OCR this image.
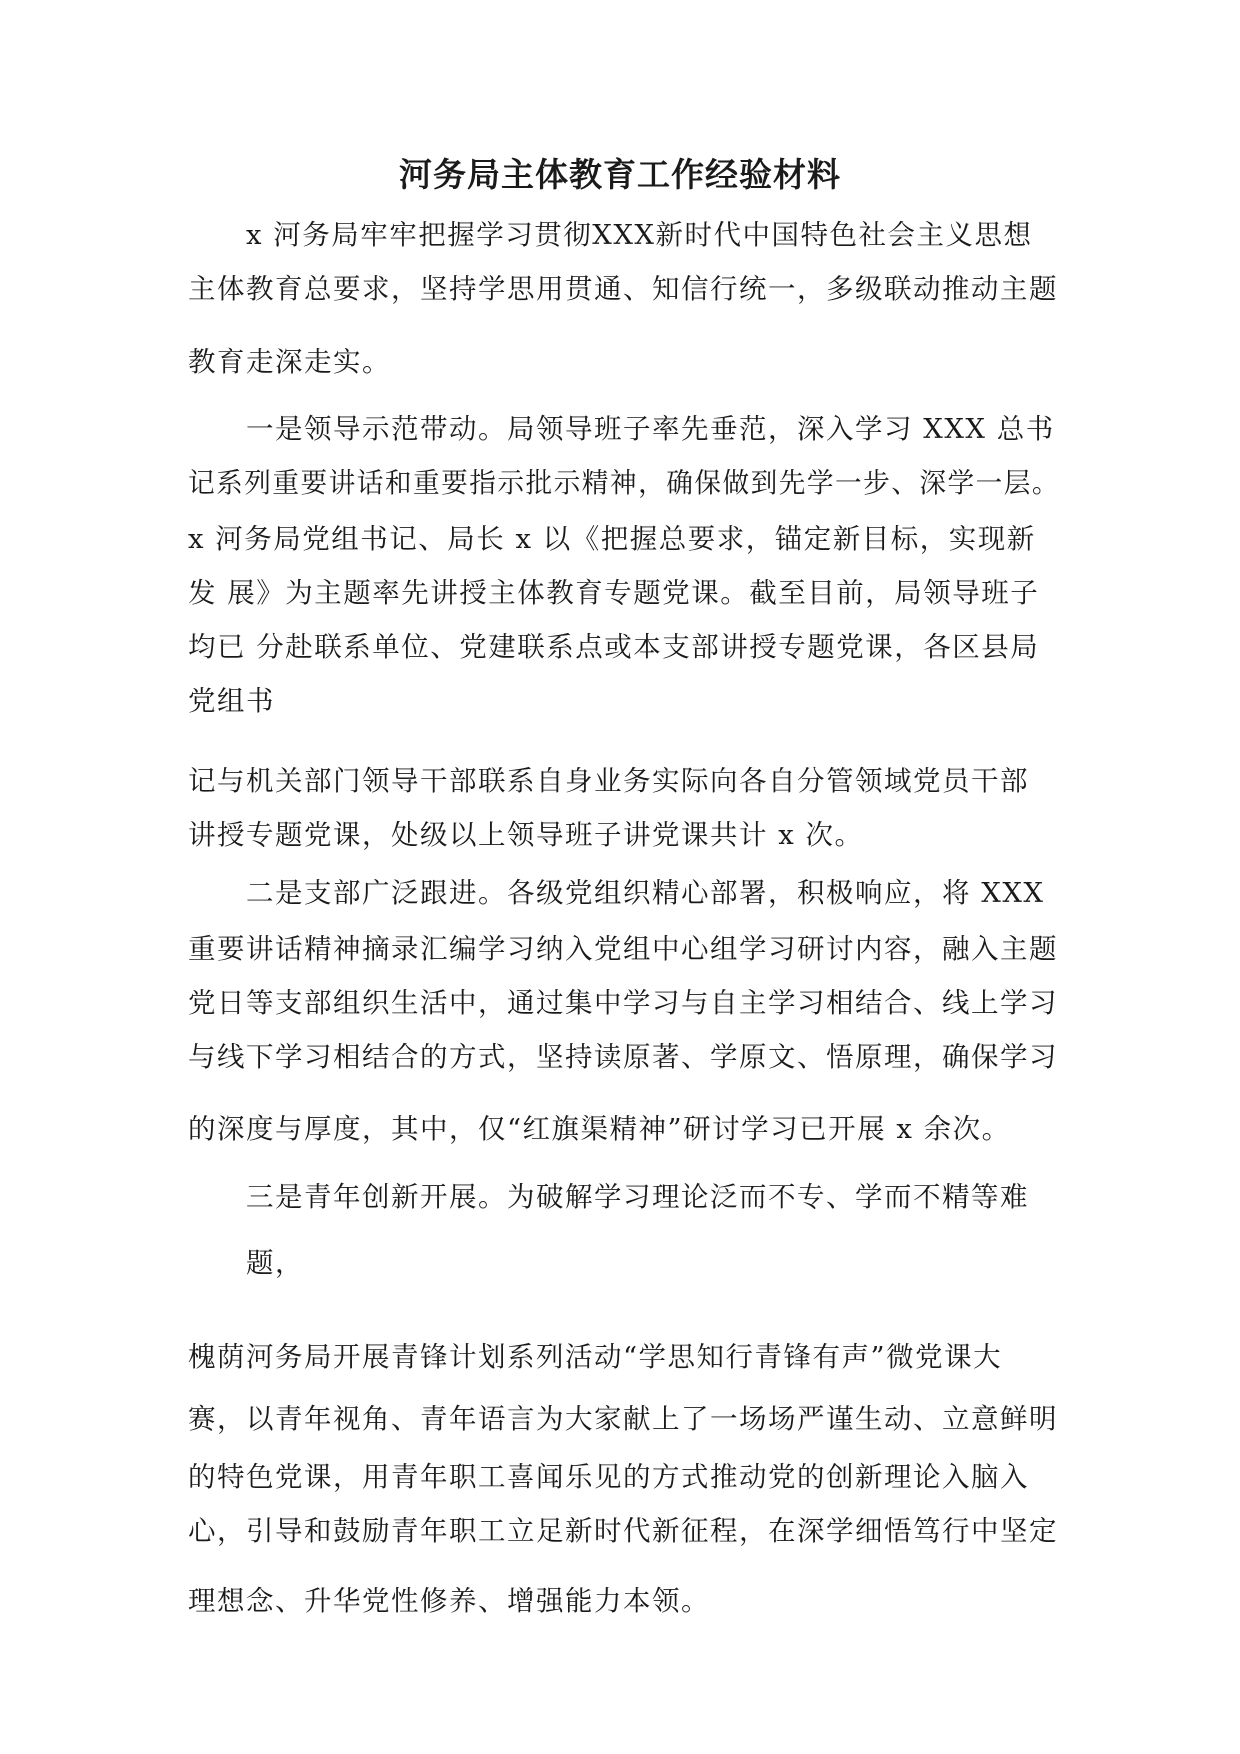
河务局主体教育工作经验材料
x 河务局牢牢把握学习贯彻XXX新时代中国特色社会主义思想
主体教育总要求，坚持学思用贯通、知信行统一，多级联动推动主题
教育走深走实。
一是领导示范带动。局领导班子率先垂范，深入学习 XXX 总书
记系列重要讲话和重要指示批示精神，确保做到先学一步、深学一层。
x 河务局党组书记、局长 x 以《把握总要求，锚定新目标，实现新
发 展》为主题率先讲授主体教育专题党课。截至目前，局领导班子
均已 分赴联系单位、党建联系点或本支部讲授专题党课，各区县局
党组书
记与机关部门领导干部联系自身业务实际向各自分管领域党员干部
讲授专题党课，处级以上领导班子讲党课共计 x 次。
二是支部广泛跟进。各级党组织精心部署，积极响应，将 XXX
重要讲话精神摘录汇编学习纳入党组中心组学习研讨内容，融入主题
党日等支部组织生活中，通过集中学习与自主学习相结合、线上学习
与线下学习相结合的方式，坚持读原著、学原文、悟原理，确保学习
的深度与厚度，其中，仅“红旗渠精神”研讨学习已开展 x 余次。
三是青年创新开展。为破解学习理论泛而不专、学而不精等难
题，
槐荫河务局开展青锋计划系列活动“学思知行青锋有声”微党课大
赛，以青年视角、青年语言为大家献上了一场场严谨生动、立意鲜明
的特色党课，用青年职工喜闻乐见的方式推动党的创新理论入脑入
心，引导和鼓励青年职工立足新时代新征程，在深学细悟笃行中坚定
理想念、升华党性修养、增强能力本领。
